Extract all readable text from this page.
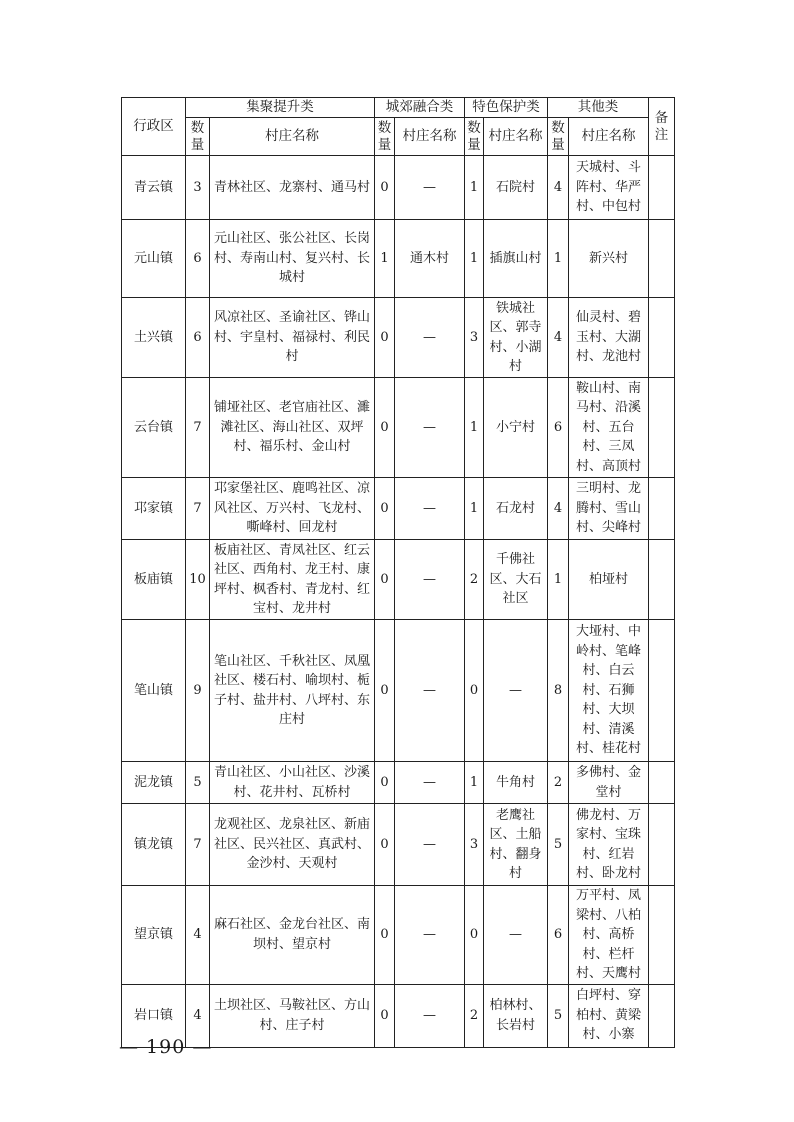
行政区	集聚提升类		城郊融合类		特色保护类		其他类		备注
	数量	村庄名称	数量	村庄名称	数量	村庄名称	数量	村庄名称	
青云镇	3	青林社区、龙寨村、通马村	0	—	1	石院村	4	天城村、斗阵村、华严村、中包村	
元山镇	6	元山社区、张公社区、长岗村、寿南山村、复兴村、长城村	1	通木村	1	插旗山村	1	新兴村	
土兴镇	6	风凉社区、圣谕社区、铧山村、宇皇村、福禄村、利民村	0	—	3	铁城社区、郭寺村、小湖村	4	仙灵村、碧玉村、大湖村、龙池村	
云台镇	7	铺垭社区、老官庙社区、濉滩社区、海山社区、双坪村、福乐村、金山村	0	—	1	小宁村	6	鞍山村、南马村、沿溪村、五台村、三凤村、高顶村	
邛家镇	7	邛家堡社区、鹿鸣社区、凉风社区、万兴村、飞龙村、嘶峰村、回龙村	0	—	1	石龙村	4	三明村、龙腾村、雪山村、尖峰村	
板庙镇	10	板庙社区、青凤社区、红云社区、西角村、龙王村、康坪村、枫香村、青龙村、红宝村、龙井村	0	—	2	千佛社区、大石社区	1	柏垭村	
笔山镇	9	笔山社区、千秋社区、凤凰社区、楼石村、喻坝村、栀子村、盐井村、八坪村、东庄村	0	—	0	—	8	大垭村、中岭村、笔峰村、白云村、石狮村、大坝村、清溪村、桂花村	
泥龙镇	5	青山社区、小山社区、沙溪村、花井村、瓦桥村	0	—	1	牛角村	2	多佛村、金堂村	
镇龙镇	7	龙观社区、龙泉社区、新庙社区、民兴社区、真武村、金沙村、天观村	0	—	3	老鹰社区、土船村、翻身村	5	佛龙村、万家村、宝珠村、红岩村、卧龙村	
望京镇	4	麻石社区、金龙台社区、南坝村、望京村	0	—	0	—	6	万平村、凤梁村、八柏村、高桥村、栏杆村、天鹰村	
岩口镇	4	土坝社区、马鞍社区、方山村、庄子村	0	—	2	柏林村、长岩村	5	白坪村、穿柏村、黄梁村、小寨	
— 190 —
